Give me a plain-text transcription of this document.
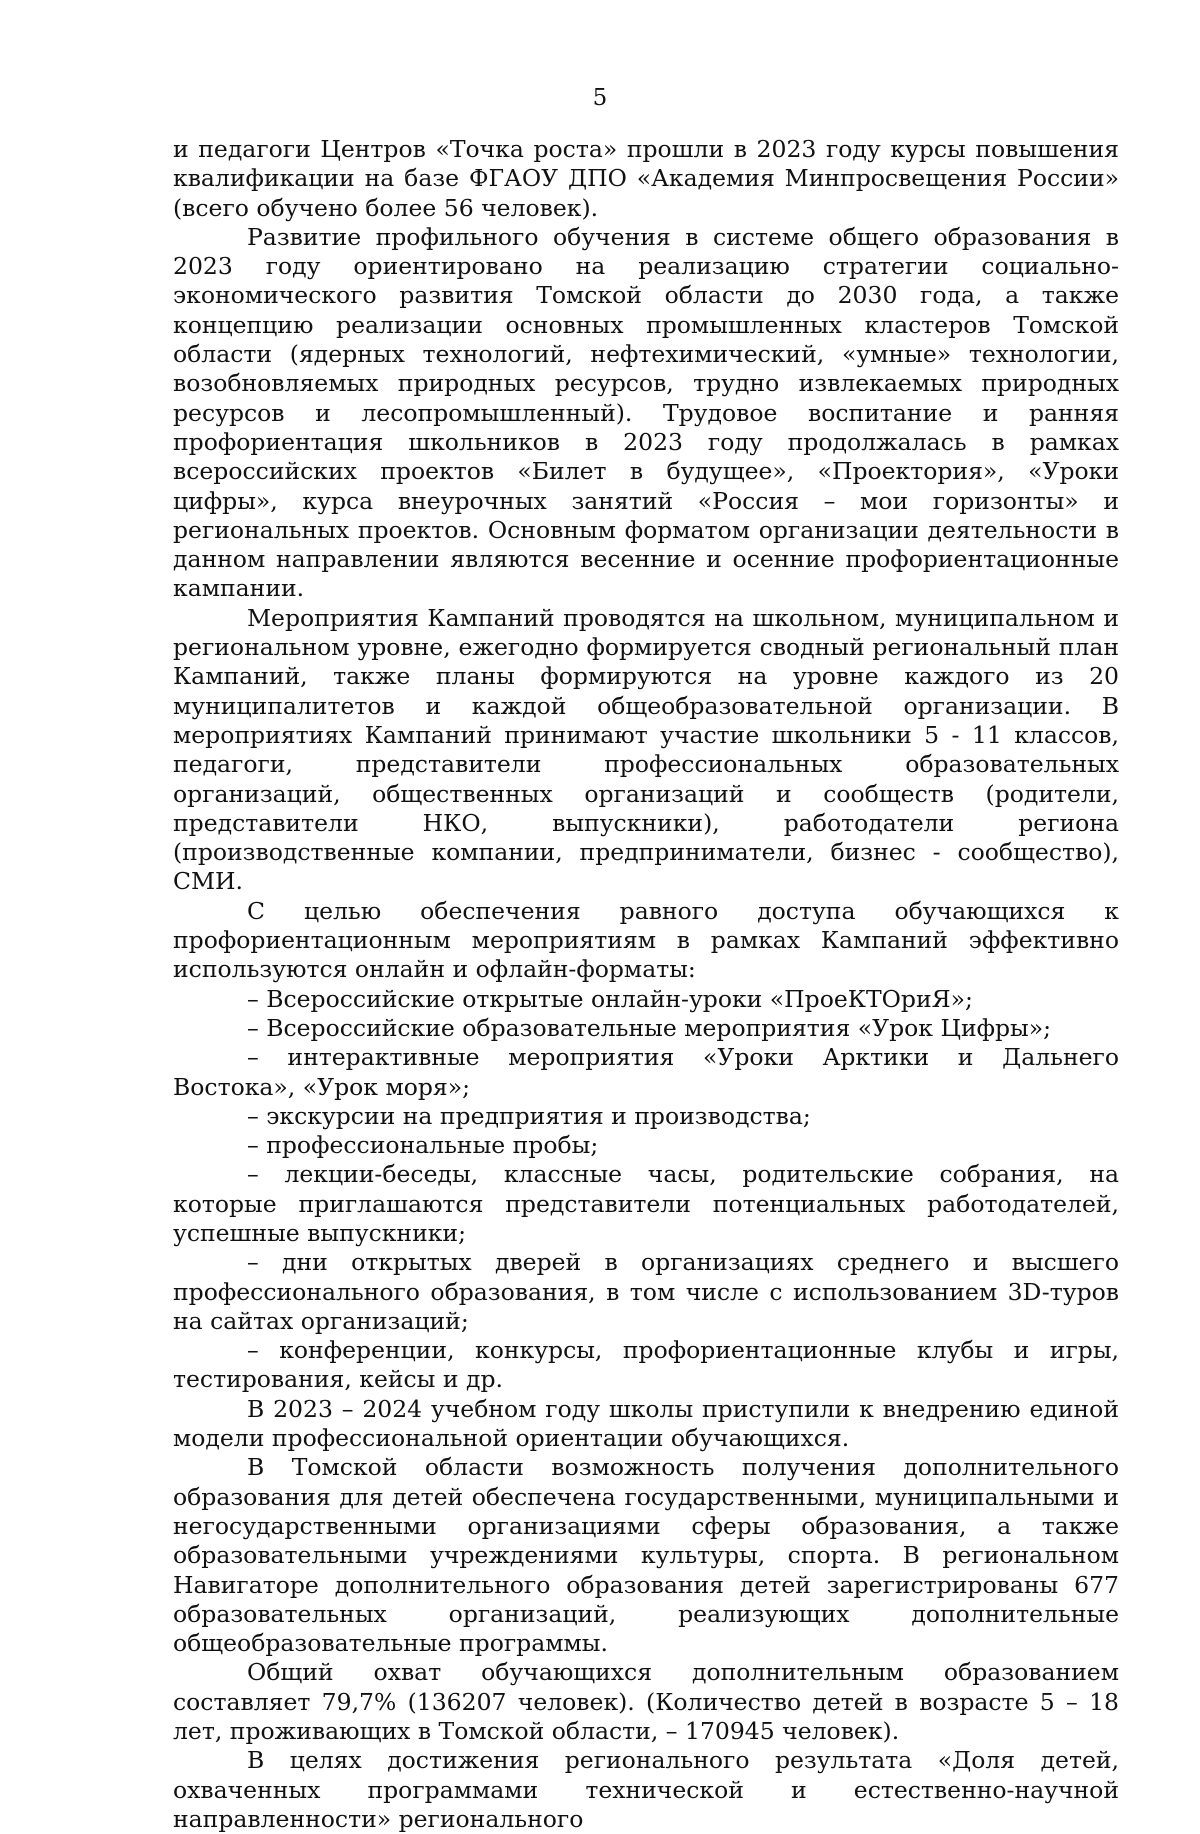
5

и педагоги Центров «Точка роста» прошли в 2023 году курсы повышения квалификации на базе ФГАОУ ДПО «Академия Минпросвещения России» (всего обучено более 56 человек).

Развитие профильного обучения в системе общего образования в 2023 году ориентировано на реализацию стратегии социально-экономического развития Томской области до 2030 года, а также концепцию реализации основных промышленных кластеров Томской области (ядерных технологий, нефтехимический, «умные» технологии, возобновляемых природных ресурсов, трудно извлекаемых природных ресурсов и лесопромышленный). Трудовое воспитание и ранняя профориентация школьников в 2023 году продолжалась в рамках всероссийских проектов «Билет в будущее», «Проектория», «Уроки цифры», курса внеурочных занятий «Россия – мои горизонты» и региональных проектов. Основным форматом организации деятельности в данном направлении являются весенние и осенние профориентационные кампании.

Мероприятия Кампаний проводятся на школьном, муниципальном и региональном уровне, ежегодно формируется сводный региональный план Кампаний, также планы формируются на уровне каждого из 20 муниципалитетов и каждой общеобразовательной организации. В мероприятиях Кампаний принимают участие школьники 5 - 11 классов, педагоги, представители профессиональных образовательных организаций, общественных организаций и сообществ (родители, представители НКО, выпускники), работодатели региона (производственные компании, предприниматели, бизнес - сообщество), СМИ.

С целью обеспечения равного доступа обучающихся к профориентационным мероприятиям в рамках Кампаний эффективно используются онлайн и офлайн-форматы:

– Всероссийские открытые онлайн-уроки «ПроеКТОриЯ»;

– Всероссийские образовательные мероприятия «Урок Цифры»;

– интерактивные мероприятия «Уроки Арктики и Дальнего Востока», «Урок моря»;

– экскурсии на предприятия и производства;

– профессиональные пробы;

– лекции-беседы, классные часы, родительские собрания, на которые приглашаются представители потенциальных работодателей, успешные выпускники;

– дни открытых дверей в организациях среднего и высшего профессионального образования, в том числе с использованием 3D-туров на сайтах организаций;

– конференции, конкурсы, профориентационные клубы и игры, тестирования, кейсы и др.

В 2023 – 2024 учебном году школы приступили к внедрению единой модели профессиональной ориентации обучающихся.

В Томской области возможность получения дополнительного образования для детей обеспечена государственными, муниципальными и негосударственными организациями сферы образования, а также образовательными учреждениями культуры, спорта. В региональном Навигаторе дополнительного образования детей зарегистрированы 677 образовательных организаций, реализующих дополнительные общеобразовательные программы.

Общий охват обучающихся дополнительным образованием составляет 79,7% (136207 человек). (Количество детей в возрасте 5 – 18 лет, проживающих в Томской области, – 170945 человек).

В целях достижения регионального результата «Доля детей, охваченных программами технической и естественно-научной направленности» регионального
